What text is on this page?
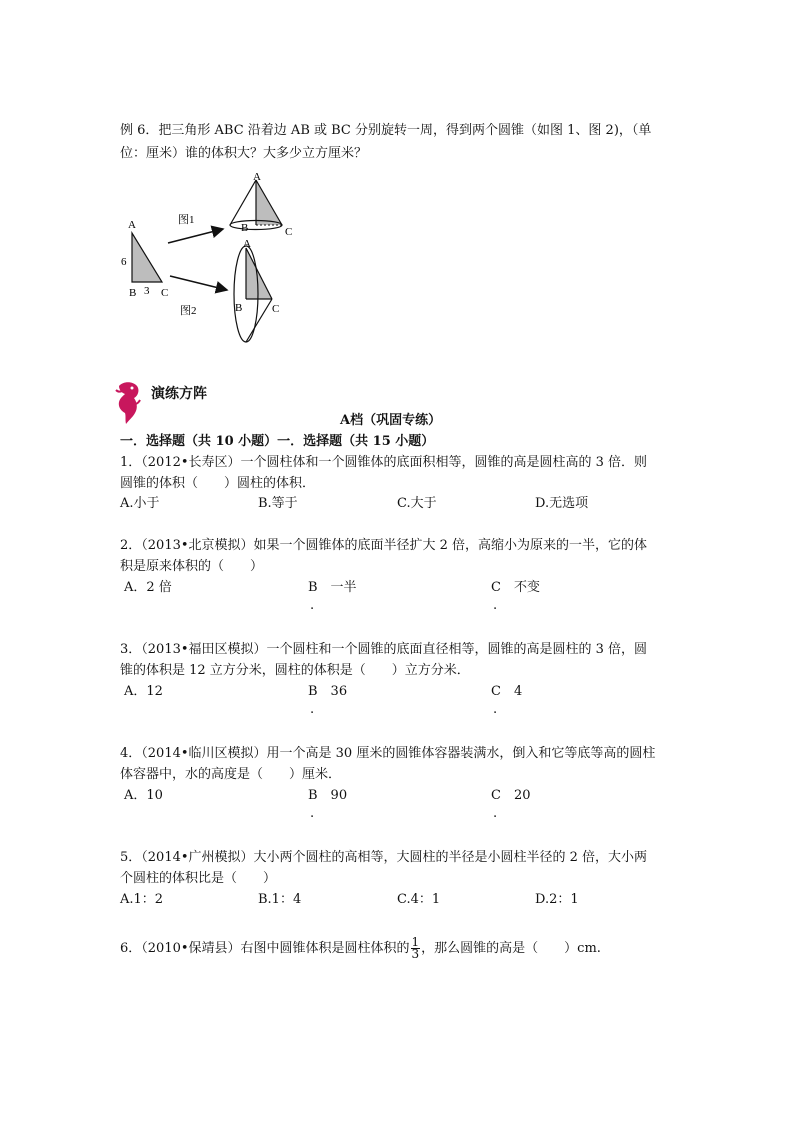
例 6．把三角形 ABC 沿着边 AB 或 BC 分别旋转一周，得到两个圆锥（如图 1、图 2)，（单
位：厘米）谁的体积大？大多少立方厘米？
A
B C
6
3
图1
图2
A
B	C
A
B	C
演练方阵
A档（巩固专练）
一．选择题（共 10 小题）一．选择题（共 15 小题）
1．（2012•长寿区）一个圆柱体和一个圆锥体的底面积相等，圆锥的高是圆柱高的 3 倍．则
圆锥的体积（　　）圆柱的体积．
A.小于	B.等于	C.大于	D.无选项
2．（2013•北京模拟）如果一个圆锥体的底面半径扩大 2 倍，高缩小为原来的一半，它的体
积是原来体积的（　　）
A．2 倍	B　一半	C　不变
.	.
3．（2013•福田区模拟）一个圆柱和一个圆锥的底面直径相等，圆锥的高是圆柱的 3 倍，圆
锥的体积是 12 立方分米，圆柱的体积是（　　）立方分米．
A．12	B　36	C　4
.	.
4．（2014•临川区模拟）用一个高是 30 厘米的圆锥体容器装满水，倒入和它等底等高的圆柱
体容器中，水的高度是（　　）厘米．
A．10	B　90	C　20
.	.
5．（2014•广州模拟）大小两个圆柱的高相等，大圆柱的半径是小圆柱半径的 2 倍，大小两
个圆柱的体积比是（　　）
A.1：2	B.1：4	C.4：1	D.2：1
6．（2010•保靖县）右图中圆锥体积是圆柱体积的 $\frac{1}{3}$ ，那么圆锥的高是（　　）cm.
